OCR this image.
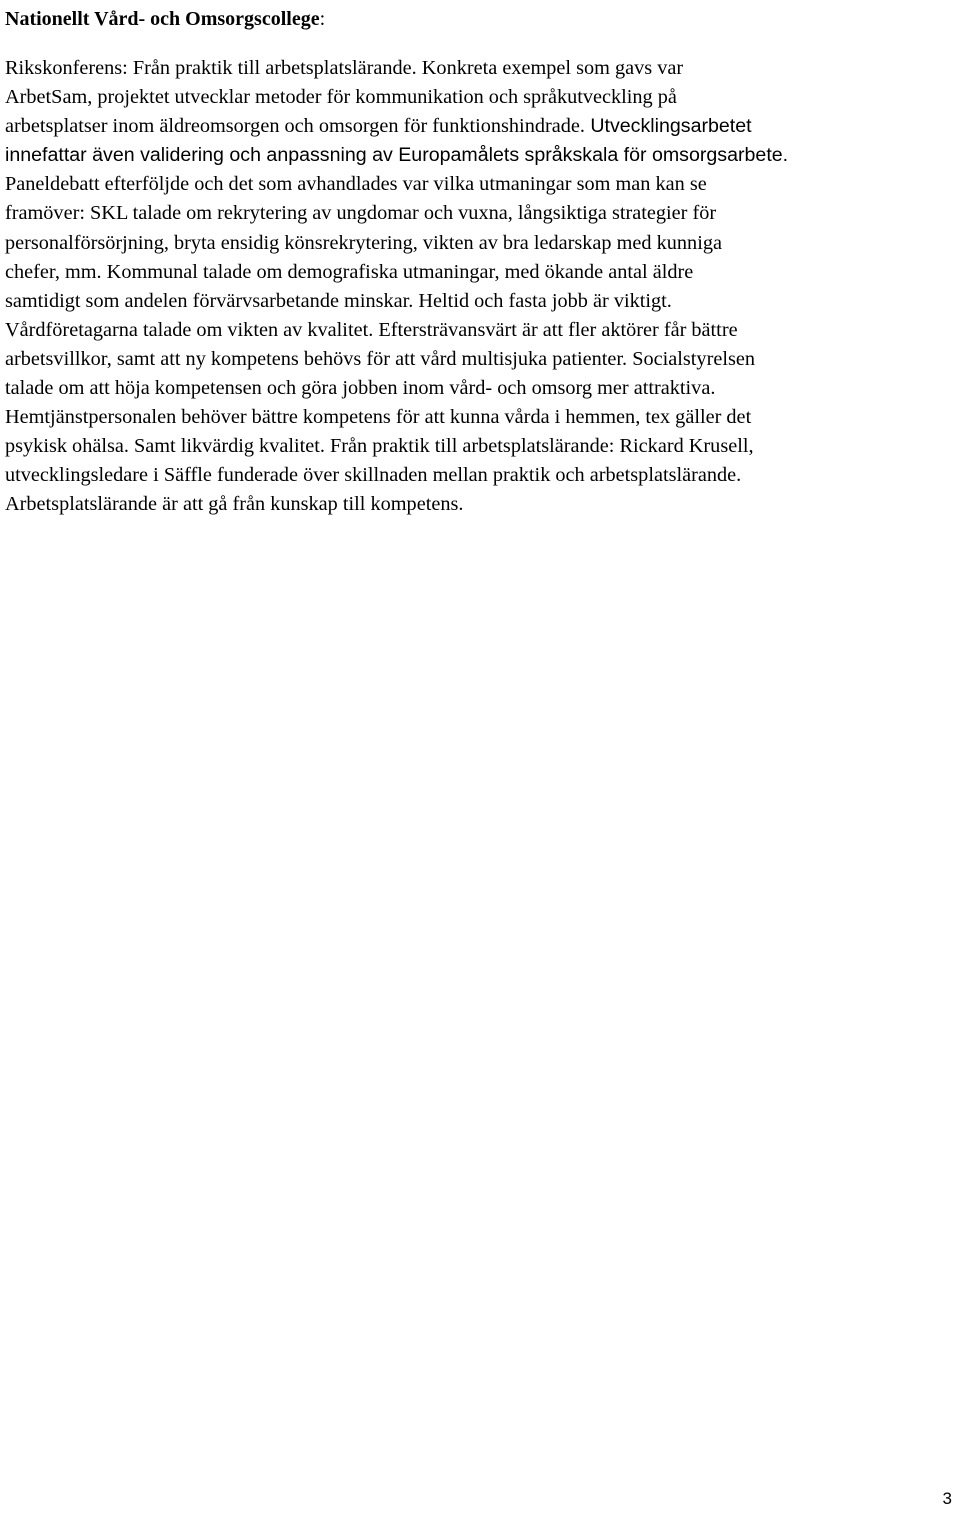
Nationellt Vård- och Omsorgscollege:

Rikskonferens: Från praktik till arbetsplatslärande. Konkreta exempel som gavs var
ArbetSam, projektet utvecklar metoder för kommunikation och språkutveckling på
arbetsplatser inom äldreomsorgen och omsorgen för funktionshindrade. Utvecklingsarbetet
innefattar även validering och anpassning av Europamålets språkskala för omsorgsarbete.
Paneldebatt efterföljde och det som avhandlades var vilka utmaningar som man kan se
framöver: SKL talade om rekrytering av ungdomar och vuxna, långsiktiga strategier för
personalförsörjning, bryta ensidig könsrekrytering, vikten av bra ledarskap med kunniga
chefer, mm. Kommunal talade om demografiska utmaningar, med ökande antal äldre
samtidigt som andelen förvärvsarbetande minskar. Heltid och fasta jobb är viktigt.
Vårdföretagarna talade om vikten av kvalitet. Eftersträvansvärt är att fler aktörer får bättre
arbetsvillkor, samt att ny kompetens behövs för att vård multisjuka patienter. Socialstyrelsen
talade om att höja kompetensen och göra jobben inom vård- och omsorg mer attraktiva.
Hemtjänstpersonalen behöver bättre kompetens för att kunna vårda i hemmen, tex gäller det
psykisk ohälsa. Samt likvärdig kvalitet. Från praktik till arbetsplatslärande: Rickard Krusell,
utvecklingsledare i Säffle funderade över skillnaden mellan praktik och arbetsplatslärande.
Arbetsplatslärande är att gå från kunskap till kompetens.

3
